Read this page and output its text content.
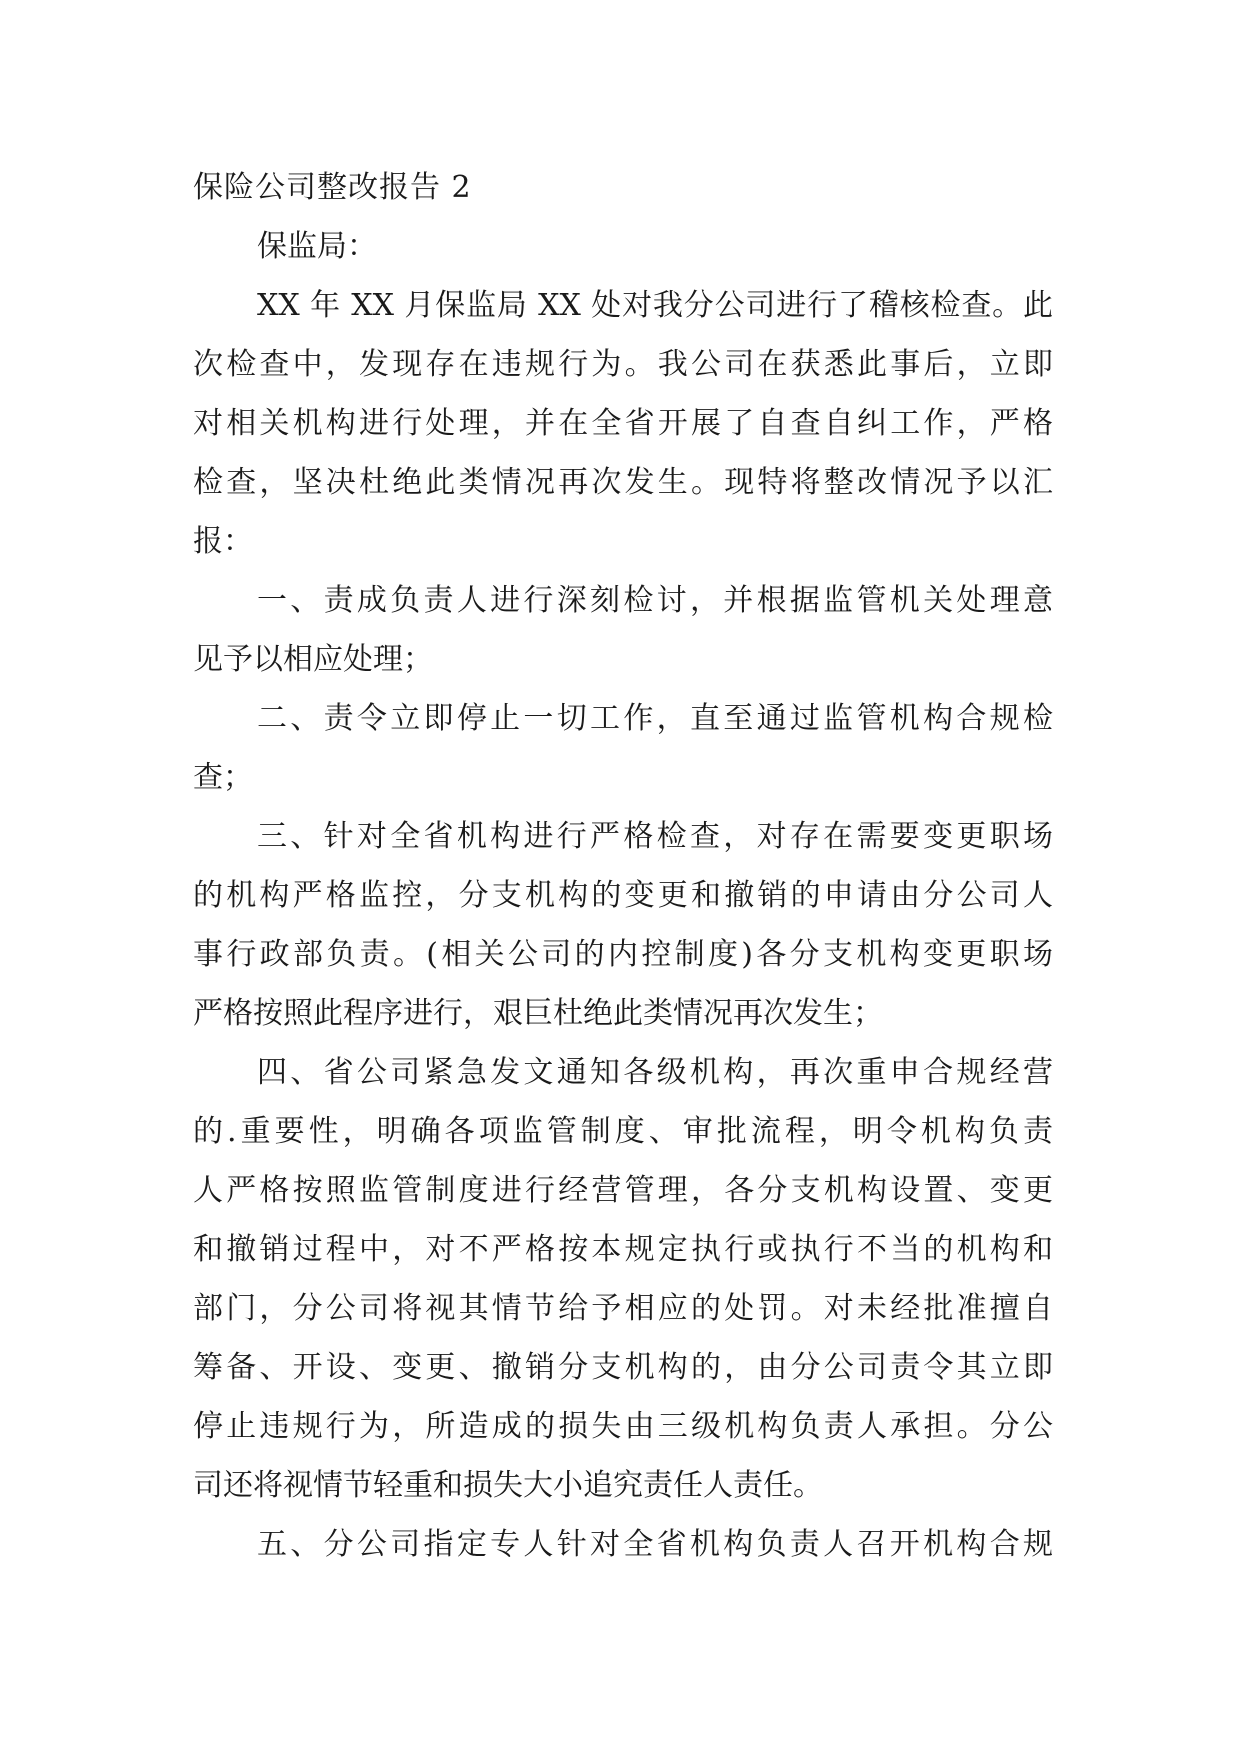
保险公司整改报告 2
保监局：
XX 年 XX 月保监局 XX 处对我分公司进行了稽核检查。此
次检查中，发现存在违规行为。我公司在获悉此事后，立即
对相关机构进行处理，并在全省开展了自查自纠工作，严格
检查，坚决杜绝此类情况再次发生。现特将整改情况予以汇
报：
一、责成负责人进行深刻检讨，并根据监管机关处理意
见予以相应处理；
二、责令立即停止一切工作，直至通过监管机构合规检
查；
三、针对全省机构进行严格检查，对存在需要变更职场
的机构严格监控，分支机构的变更和撤销的申请由分公司人
事行政部负责。(相关公司的内控制度)各分支机构变更职场
严格按照此程序进行，艰巨杜绝此类情况再次发生；
四、省公司紧急发文通知各级机构，再次重申合规经营
的.重要性，明确各项监管制度、审批流程，明令机构负责
人严格按照监管制度进行经营管理，各分支机构设置、变更
和撤销过程中，对不严格按本规定执行或执行不当的机构和
部门，分公司将视其情节给予相应的处罚。对未经批准擅自
筹备、开设、变更、撤销分支机构的，由分公司责令其立即
停止违规行为，所造成的损失由三级机构负责人承担。分公
司还将视情节轻重和损失大小追究责任人责任。
五、分公司指定专人针对全省机构负责人召开机构合规
